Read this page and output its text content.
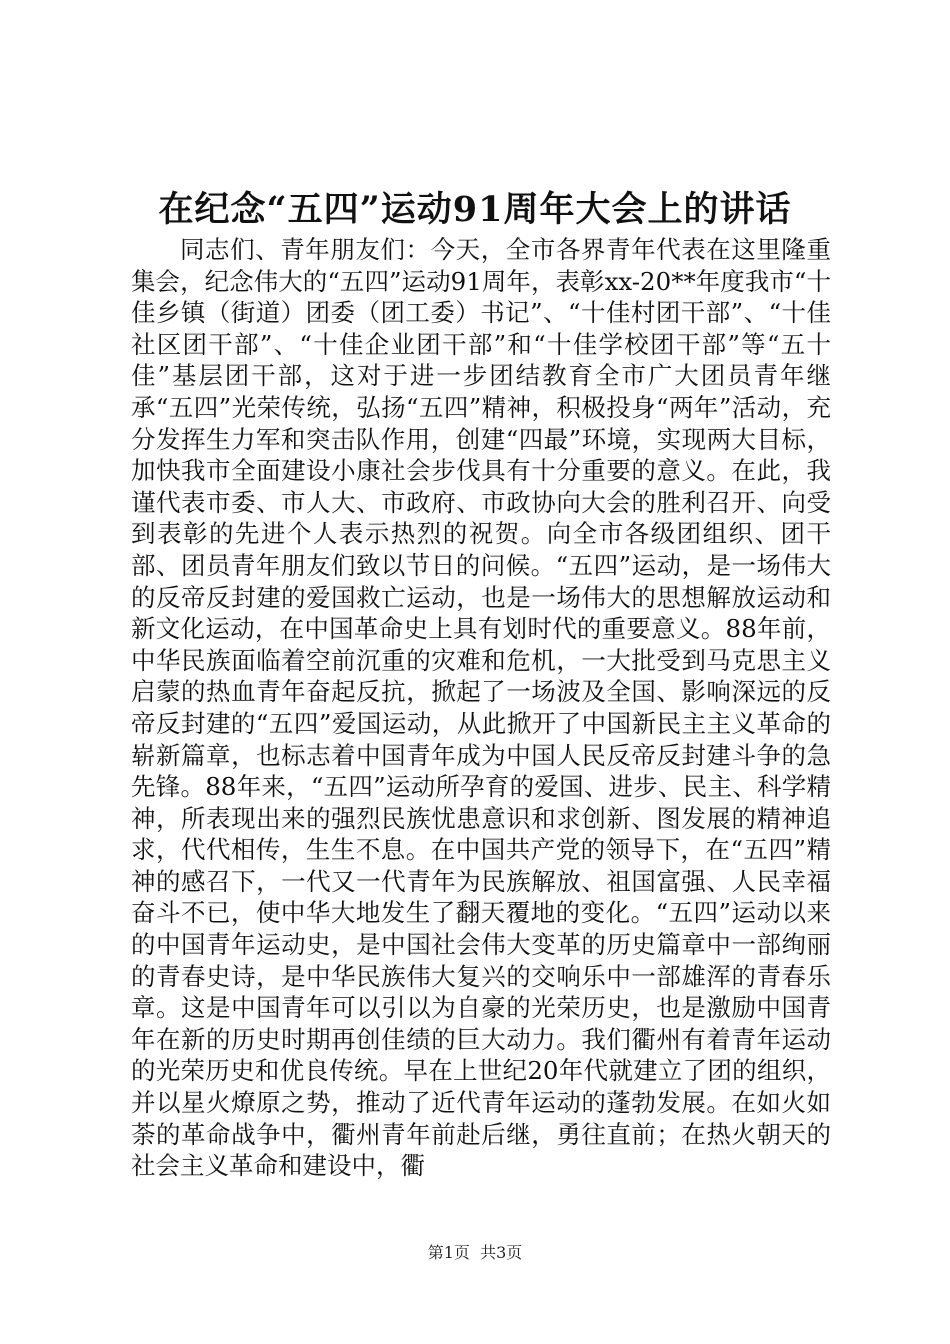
在纪念“五四”运动91周年大会上的讲话

同志们、青年朋友们：今天，全市各界青年代表在这里隆重集会，纪念伟大的“五四”运动91周年，表彰xx-20**年度我市“十佳乡镇（街道）团委（团工委）书记”、“十佳村团干部”、“十佳社区团干部”、“十佳企业团干部”和“十佳学校团干部”等“五十佳”基层团干部，这对于进一步团结教育全市广大团员青年继承“五四”光荣传统，弘扬“五四”精神，积极投身“两年”活动，充分发挥生力军和突击队作用，创建“四最”环境，实现两大目标，加快我市全面建设小康社会步伐具有十分重要的意义。在此，我谨代表市委、市人大、市政府、市政协向大会的胜利召开、向受到表彰的先进个人表示热烈的祝贺。向全市各级团组织、团干部、团员青年朋友们致以节日的问候。“五四”运动，是一场伟大的反帝反封建的爱国救亡运动，也是一场伟大的思想解放运动和新文化运动，在中国革命史上具有划时代的重要意义。88年前，中华民族面临着空前沉重的灾难和危机，一大批受到马克思主义启蒙的热血青年奋起反抗，掀起了一场波及全国、影响深远的反帝反封建的“五四”爱国运动，从此掀开了中国新民主主义革命的崭新篇章，也标志着中国青年成为中国人民反帝反封建斗争的急先锋。88年来，“五四”运动所孕育的爱国、进步、民主、科学精神，所表现出来的强烈民族忧患意识和求创新、图发展的精神追求，代代相传，生生不息。在中国共产党的领导下，在“五四”精神的感召下，一代又一代青年为民族解放、祖国富强、人民幸福奋斗不已，使中华大地发生了翻天覆地的变化。“五四”运动以来的中国青年运动史，是中国社会伟大变革的历史篇章中一部绚丽的青春史诗，是中华民族伟大复兴的交响乐中一部雄浑的青春乐章。这是中国青年可以引以为自豪的光荣历史，也是激励中国青年在新的历史时期再创佳绩的巨大动力。我们衢州有着青年运动的光荣历史和优良传统。早在上世纪20年代就建立了团的组织，并以星火燎原之势，推动了近代青年运动的蓬勃发展。在如火如荼的革命战争中，衢州青年前赴后继，勇往直前；在热火朝天的社会主义革命和建设中，衢

第1页  共3页
